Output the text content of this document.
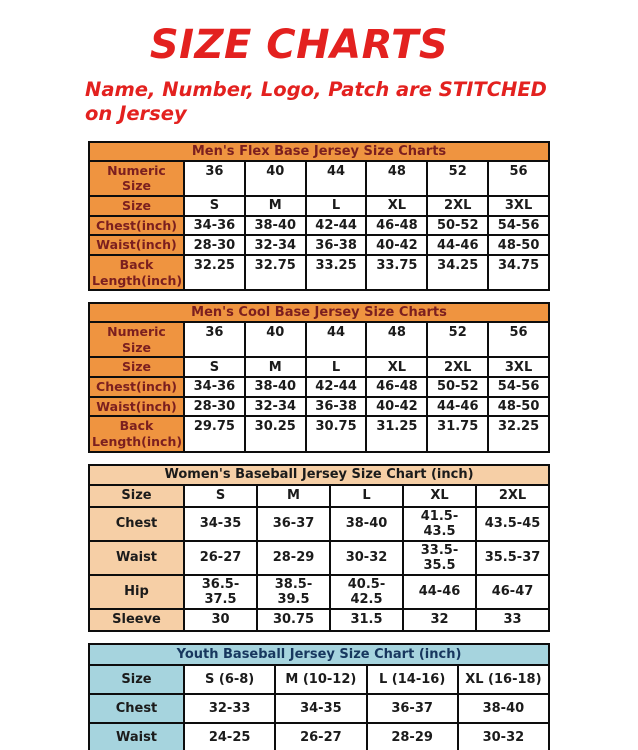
SIZE CHARTS
Name, Number, Logo, Patch are STITCHED
on Jersey
Men's Flex Base Jersey Size Charts						
Numeric Size	36	40	44	48	52	56
Size	S	M	L	XL	2XL	3XL
Chest(inch)	34-36	38-40	42-44	46-48	50-52	54-56
Waist(inch)	28-30	32-34	36-38	40-42	44-46	48-50
Back Length(inch)	32.25	32.75	33.25	33.75	34.25	34.75
Men's Cool Base Jersey Size Charts						
Numeric Size	36	40	44	48	52	56
Size	S	M	L	XL	2XL	3XL
Chest(inch)	34-36	38-40	42-44	46-48	50-52	54-56
Waist(inch)	28-30	32-34	36-38	40-42	44-46	48-50
Back Length(inch)	29.75	30.25	30.75	31.25	31.75	32.25
Women's Baseball Jersey Size Chart (inch)					
Size	S	M	L	XL	2XL
Chest	34-35	36-37	38-40	41.5-43.5	43.5-45
Waist	26-27	28-29	30-32	33.5-35.5	35.5-37
Hip	36.5-37.5	38.5-39.5	40.5-42.5	44-46	46-47
Sleeve	30	30.75	31.5	32	33
Youth Baseball Jersey Size Chart (inch)				
Size	S (6-8)	M (10-12)	L (14-16)	XL (16-18)
Chest	32-33	34-35	36-37	38-40
Waist	24-25	26-27	28-29	30-32
